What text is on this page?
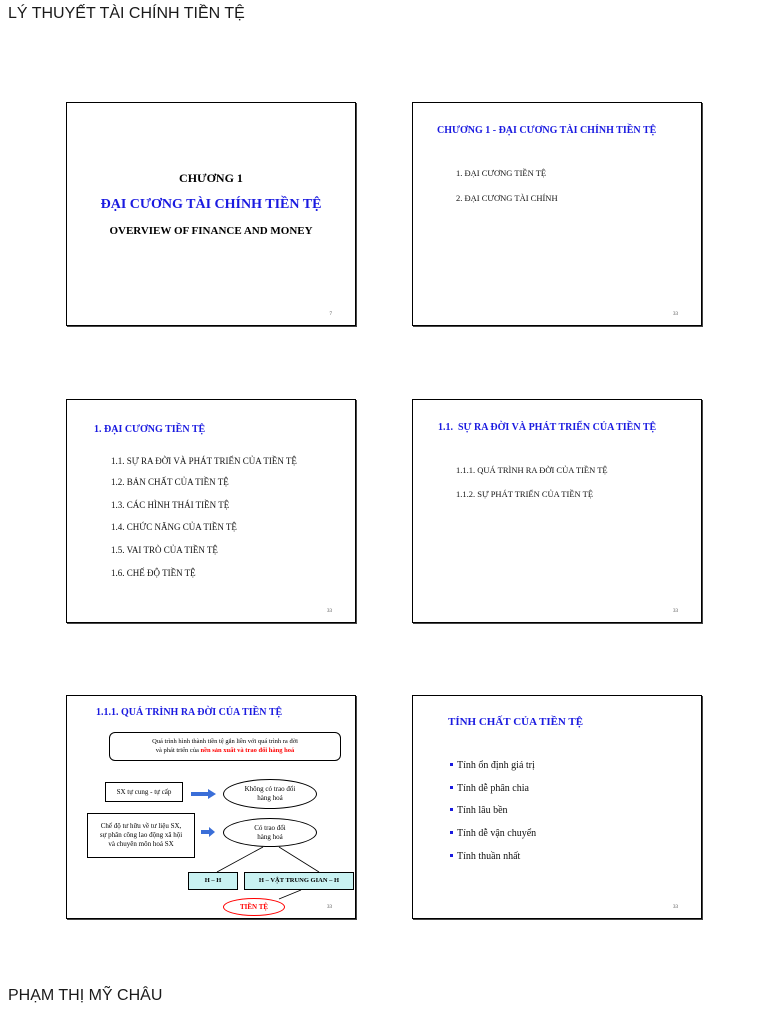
LÝ THUYẾT TÀI CHÍNH TIỀN TỆ
CHƯƠNG 1
ĐẠI CƯƠNG TÀI CHÍNH TIỀN TỆ
OVERVIEW OF FINANCE AND MONEY
7
CHƯƠNG 1 - ĐẠI CƯƠNG TÀI CHÍNH TIỀN TỆ
1. ĐẠI CƯƠNG TIỀN TỆ
2. ĐẠI CƯƠNG TÀI CHÍNH
33
1. ĐẠI CƯƠNG TIỀN TỆ
1.1. SỰ RA ĐỜI VÀ PHÁT TRIỂN CỦA TIỀN TỆ
1.2. BẢN CHẤT CỦA TIỀN TỆ
1.3. CÁC HÌNH THÁI TIỀN TỆ
1.4. CHỨC NĂNG CỦA TIỀN TỆ
1.5. VAI TRÒ CỦA TIỀN TỆ
1.6. CHẾ ĐỘ TIỀN TỆ
33
1.1.  SỰ RA ĐỜI VÀ PHÁT TRIỂN CỦA TIỀN TỆ
1.1.1. QUÁ TRÌNH RA ĐỜI CỦA TIỀN TỆ
1.1.2. SỰ PHÁT TRIỂN CỦA TIỀN TỆ
33
1.1.1. QUÁ TRÌNH RA ĐỜI CỦA TIỀN TỆ
Quá trình hình thành tiền tệ gắn liền với quá trình ra đời
và phát triển của nền sản xuất và trao đổi hàng hoá
SX tự cung - tự cấp	Không có trao đổi
hàng hoá
Chế độ tư hữu về tư liệu SX,
sự phân công lao động xã hội
và chuyên môn hoá SX
Có trao đổi
hàng hoá
H – H	H – VẬT TRUNG GIAN – H
TIỀN TỆ	33
TÍNH CHẤT CỦA TIỀN TỆ
Tính ổn định giá trị
Tính dễ phân chia
Tính lâu bền
Tính dễ vận chuyển
Tính thuần nhất
33
PHẠM THỊ MỸ CHÂU
